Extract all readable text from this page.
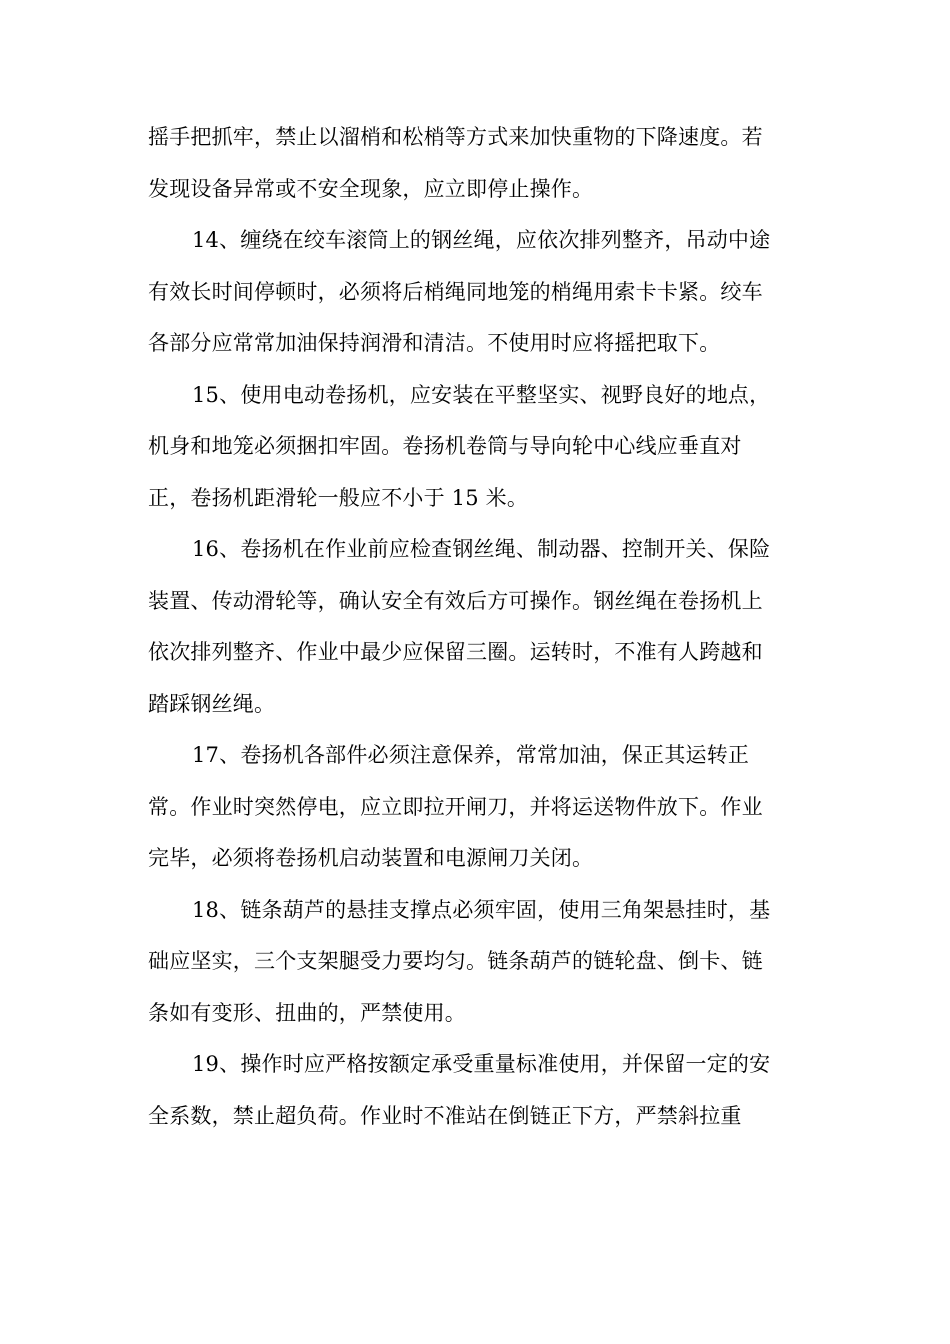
摇手把抓牢，禁止以溜梢和松梢等方式来加快重物的下降速度。若
发现设备异常或不安全现象，应立即停止操作。
14、缠绕在绞车滚筒上的钢丝绳，应依次排列整齐，吊动中途
有效长时间停顿时，必须将后梢绳同地笼的梢绳用索卡卡紧。绞车
各部分应常常加油保持润滑和清洁。不使用时应将摇把取下。
15、使用电动卷扬机，应安装在平整坚实、视野良好的地点，
机身和地笼必须捆扣牢固。卷扬机卷筒与导向轮中心线应垂直对
正，卷扬机距滑轮一般应不小于 15 米。
16、卷扬机在作业前应检查钢丝绳、制动器、控制开关、保险
装置、传动滑轮等，确认安全有效后方可操作。钢丝绳在卷扬机上
依次排列整齐、作业中最少应保留三圈。运转时，不准有人跨越和
踏踩钢丝绳。
17、卷扬机各部件必须注意保养，常常加油，保正其运转正
常。作业时突然停电，应立即拉开闸刀，并将运送物件放下。作业
完毕，必须将卷扬机启动装置和电源闸刀关闭。
18、链条葫芦的悬挂支撑点必须牢固，使用三角架悬挂时，基
础应坚实，三个支架腿受力要均匀。链条葫芦的链轮盘、倒卡、链
条如有变形、扭曲的，严禁使用。
19、操作时应严格按额定承受重量标准使用，并保留一定的安
全系数，禁止超负荷。作业时不准站在倒链正下方，严禁斜拉重
